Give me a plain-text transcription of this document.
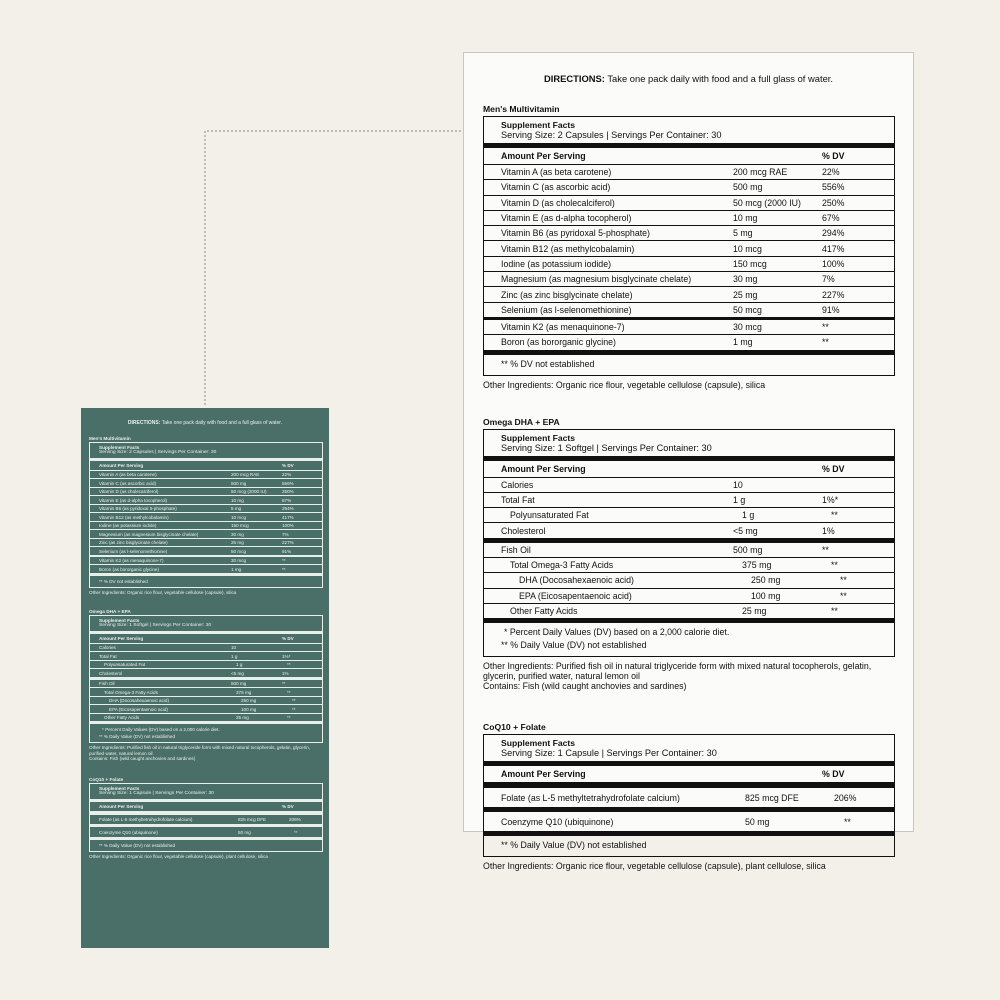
DIRECTIONS: Take one pack daily with food and a full glass of water.
Men's Multivitamin
Supplement Facts
Serving Size: 2 Capsules | Servings Per Container: 30
Amount Per Serving	% DV
Vitamin A (as beta carotene)	200 mcg RAE	22%
Vitamin C (as ascorbic acid)	500 mg	556%
Vitamin D (as cholecalciferol)	50 mcg (2000 IU)	250%
Vitamin E (as d-alpha tocopherol)	10 mg	67%
Vitamin B6 (as pyridoxal 5-phosphate)	5 mg	294%
Vitamin B12 (as methylcobalamin)	10 mcg	417%
Iodine (as potassium iodide)	150 mcg	100%
Magnesium (as magnesium bisglycinate chelate)	30 mg	7%
Zinc (as zinc bisglycinate chelate)	25 mg	227%
Selenium (as l-selenomethionine)	50 mcg	91%
Vitamin K2 (as menaquinone-7)	30 mcg	**
Boron (as bororganic glycine)	1 mg	**
** % DV not established
Other Ingredients: Organic rice flour, vegetable cellulose (capsule), silica
Omega DHA + EPA
Supplement Facts
Serving Size: 1 Softgel | Servings Per Container: 30
Amount Per Serving	% DV
Calories	10
Total Fat	1 g	1%*
Polyunsaturated Fat	1 g	**
Cholesterol	<5 mg	1%
Fish Oil	500 mg	**
Total Omega-3 Fatty Acids	375 mg	**
DHA (Docosahexaenoic acid)	250 mg	**
EPA (Eicosapentaenoic acid)	100 mg	**
Other Fatty Acids	25 mg	**
* Percent Daily Values (DV) based on a 2,000 calorie diet.
** % Daily Value (DV) not established
Other Ingredients: Purified fish oil in natural triglyceride form with mixed natural tocopherols, gelatin, glycerin, purified water, natural lemon oil
Contains: Fish (wild caught anchovies and sardines)
CoQ10 + Folate
Supplement Facts
Serving Size: 1 Capsule | Servings Per Container: 30
Amount Per Serving	% DV
Folate (as L-5 methyltetrahydrofolate calcium)	825 mcg DFE	206%
Coenzyme Q10 (ubiquinone)	50 mg	**
** % Daily Value (DV) not established
Other Ingredients: Organic rice flour, vegetable cellulose (capsule), plant cellulose, silica
DIRECTIONS: Take one pack daily with food and a full glass of water.
Men's Multivitamin
Supplement Facts
Serving Size: 2 Capsules | Servings Per Container: 30
Amount Per Serving	% DV
Vitamin A (as beta carotene)	200 mcg RAE	22%
Vitamin C (as ascorbic acid)	500 mg	556%
Vitamin D (as cholecalciferol)	50 mcg (2000 IU)	250%
Vitamin E (as d-alpha tocopherol)	10 mg	67%
Vitamin B6 (as pyridoxal 5-phosphate)	5 mg	294%
Vitamin B12 (as methylcobalamin)	10 mcg	417%
Iodine (as potassium iodide)	150 mcg	100%
Magnesium (as magnesium bisglycinate chelate)	30 mg	7%
Zinc (as zinc bisglycinate chelate)	25 mg	227%
Selenium (as l-selenomethionine)	50 mcg	91%
Vitamin K2 (as menaquinone-7)	30 mcg	**
Boron (as bororganic glycine)	1 mg	**
** % DV not established
Other Ingredients: Organic rice flour, vegetable cellulose (capsule), silica
Omega DHA + EPA
Supplement Facts
Serving Size: 1 Softgel | Servings Per Container: 30
Amount Per Serving	% DV
Calories	10
Total Fat	1 g	1%*
Polyunsaturated Fat	1 g	**
Cholesterol	<5 mg	1%
Fish Oil	500 mg	**
Total Omega-3 Fatty Acids	375 mg	**
DHA (Docosahexaenoic acid)	250 mg	**
EPA (Eicosapentaenoic acid)	100 mg	**
Other Fatty Acids	25 mg	**
* Percent Daily Values (DV) based on a 2,000 calorie diet.
** % Daily Value (DV) not established
Other Ingredients: Purified fish oil in natural triglyceride form with mixed natural tocopherols, gelatin, glycerin, purified water, natural lemon oil
Contains: Fish (wild caught anchovies and sardines)
CoQ10 + Folate
Supplement Facts
Serving Size: 1 Capsule | Servings Per Container: 30
Amount Per Serving	% DV
Folate (as L-5 methyltetrahydrofolate calcium)	825 mcg DFE	206%
Coenzyme Q10 (ubiquinone)	50 mg	**
** % Daily Value (DV) not established
Other Ingredients: Organic rice flour, vegetable cellulose (capsule), plant cellulose, silica
